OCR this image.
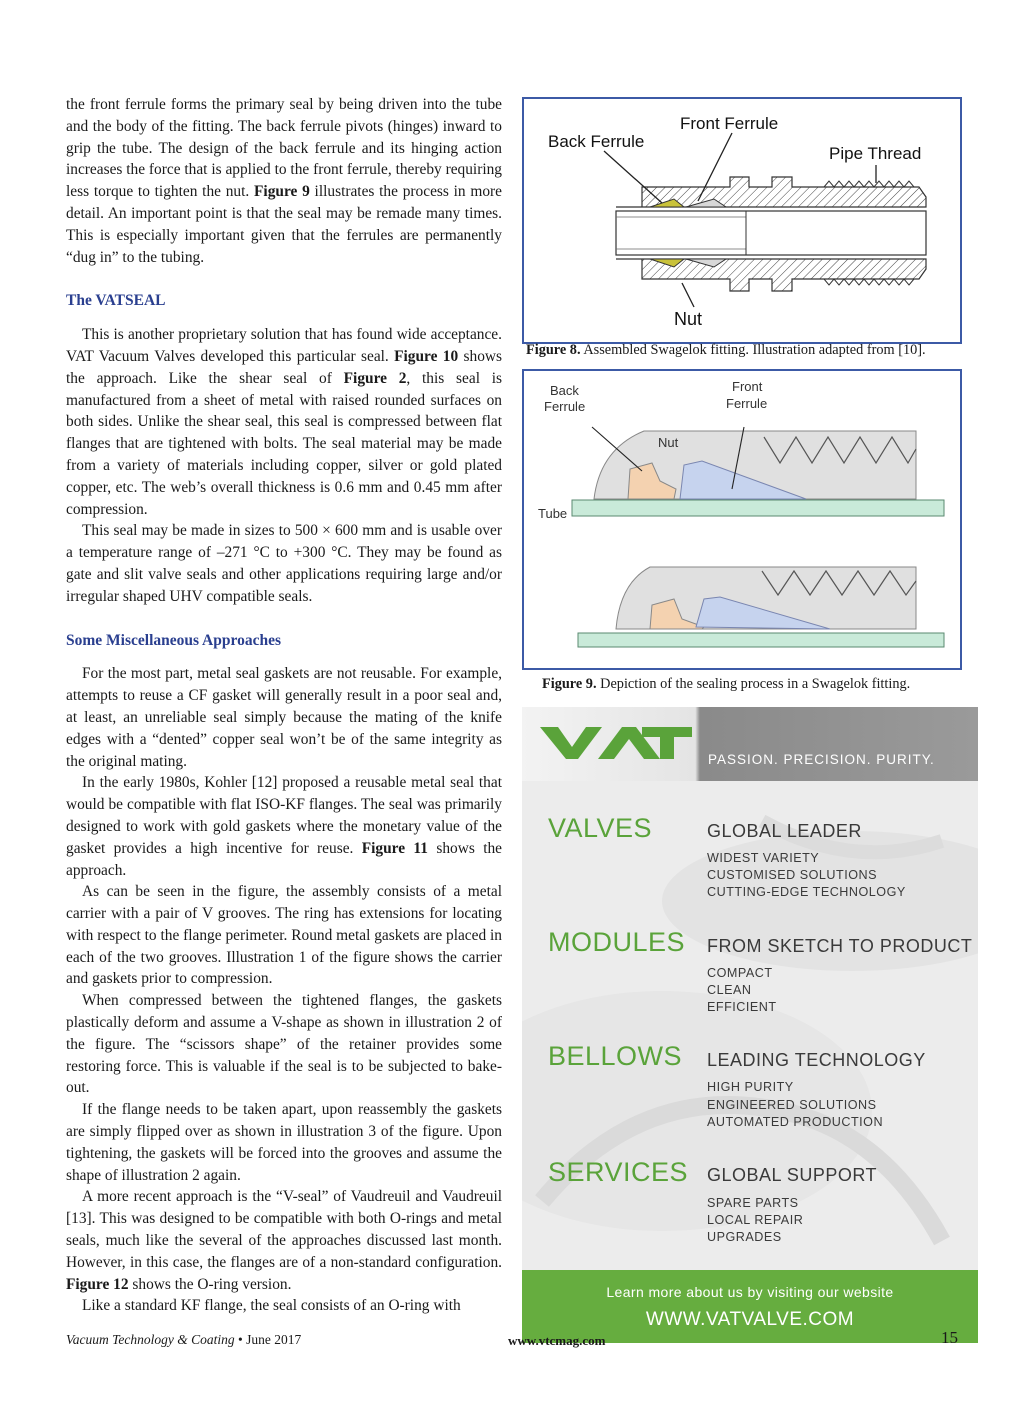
the front ferrule forms the primary seal by being driven into the tube and the body of the fitting. The back ferrule pivots (hinges) inward to grip the tube. The design of the back ferrule and its hinging action increases the force that is applied to the front ferrule, thereby requiring less torque to tighten the nut. Figure 9 illustrates the process in more detail. An important point is that the seal may be remade many times. This is especially important given that the ferrules are permanently “dug in” to the tubing.

The VATSEAL

This is another proprietary solution that has found wide acceptance. VAT Vacuum Valves developed this particular seal. Figure 10 shows the approach. Like the shear seal of Figure 2, this seal is manufactured from a sheet of metal with raised rounded surfaces on both sides. Unlike the shear seal, this seal is compressed between flat flanges that are tightened with bolts. The seal material may be made from a variety of materials including copper, silver or gold plated copper, etc. The web’s overall thickness is 0.6 mm and 0.45 mm after compression.

This seal may be made in sizes to 500 × 600 mm and is usable over a temperature range of –271 °C to +300 °C. They may be found as gate and slit valve seals and other applications requiring large and/or irregular shaped UHV compatible seals.

Some Miscellaneous Approaches

For the most part, metal seal gaskets are not reusable. For example, attempts to reuse a CF gasket will generally result in a poor seal and, at least, an unreliable seal simply because the mating of the knife edges with a “dented” copper seal won’t be of the same integrity as the original mating.

In the early 1980s, Kohler [12] proposed a reusable metal seal that would be compatible with flat ISO-KF flanges. The seal was primarily designed to work with gold gaskets where the monetary value of the gasket provides a high incentive for reuse. Figure 11 shows the approach.

As can be seen in the figure, the assembly consists of a metal carrier with a pair of V grooves. The ring has extensions for locating with respect to the flange perimeter. Round metal gaskets are placed in each of the two grooves. Illustration 1 of the figure shows the carrier and gaskets prior to compression.

When compressed between the tightened flanges, the gaskets plastically deform and assume a V-shape as shown in illustration 2 of the figure. The “scissors shape” of the retainer provides some restoring force. This is valuable if the seal is to be subjected to bake-out.

If the flange needs to be taken apart, upon reassembly the gaskets are simply flipped over as shown in illustration 3 of the figure. Upon tightening, the gaskets will be forced into the grooves and assume the shape of illustration 2 again.

A more recent approach is the “V-seal” of Vaudreuil and Vaudreuil [13]. This was designed to be compatible with both O-rings and metal seals, much like the several of the approaches discussed last month. However, in this case, the flanges are of a non-standard configuration. Figure 12 shows the O-ring version.

Like a standard KF flange, the seal consists of an O-ring with

Back Ferrule
Front Ferrule
Pipe Thread
Nut
Figure 8. Assembled Swagelok fitting. Illustration adapted from [10].
Back
Ferrule
Front
Ferrule
Nut
Tube
Figure 9. Depiction of the sealing process in a Swagelok fitting.
PASSION. PRECISION. PURITY.
VALVES	GLOBAL LEADER
WIDEST VARIETY
CUSTOMISED SOLUTIONS
CUTTING-EDGE TECHNOLOGY
MODULES FROM SKETCH TO PRODUCT
COMPACT
CLEAN
EFFICIENT
BELLOWS LEADING TECHNOLOGY
HIGH PURITY
ENGINEERED SOLUTIONS
AUTOMATED PRODUCTION
SERVICES GLOBAL SUPPORT
SPARE PARTS
LOCAL REPAIR
UPGRADES
Learn more about us by visiting our website
WWW.VATVALVE.COM
Vacuum Technology & Coating • June 2017	www.vtcmag.com	15
